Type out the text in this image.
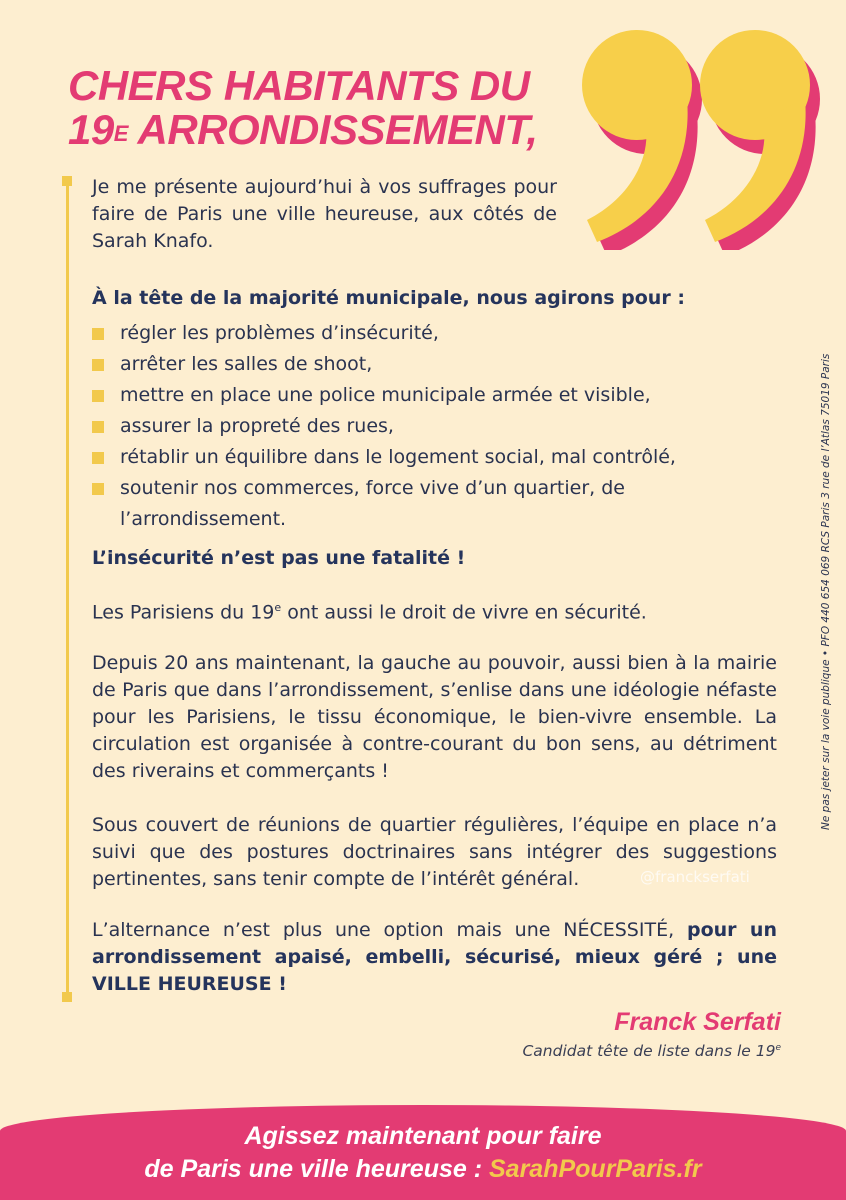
CHERS HABITANTS DU
$19^E$ ARRONDISSEMENT,

Je me présente aujourd’hui à vos suffrages pour faire de Paris une ville heureuse, aux côtés de Sarah Knafo.

À la tête de la majorité municipale, nous agirons pour :

régler les problèmes d’insécurité,
arrêter les salles de shoot,
mettre en place une police municipale armée et visible,
assurer la propreté des rues,
rétablir un équilibre dans le logement social, mal contrôlé,
soutenir nos commerces, force vive d’un quartier, de l’arrondissement.

L’insécurité n’est pas une fatalité !

Les Parisiens du 19e ont aussi le droit de vivre en sécurité.

Depuis 20 ans maintenant, la gauche au pouvoir, aussi bien à la mairie de Paris que dans l’arrondissement, s’enlise dans une idéologie néfaste pour les Parisiens, le tissu économique, le bien-vivre ensemble. La circulation est organisée à contre-courant du bon sens, au détriment des riverains et commerçants !

Sous couvert de réunions de quartier régulières, l’équipe en place n’a suivi que des postures doctrinaires sans intégrer des suggestions pertinentes, sans tenir compte de l’intérêt général.

L’alternance n’est plus une option mais une NÉCESSITÉ, pour un arrondissement apaisé, embelli, sécurisé, mieux géré ; une VILLE HEUREUSE !

@franckserfati
Franck Serfati
Candidat tête de liste dans le 19e
Ne pas jeter sur la voie publique • PFO 440 654 069 RCS Paris 3 rue de l’Atlas 75019 Paris
Agissez maintenant pour faire
de Paris une ville heureuse : SarahPourParis.fr
